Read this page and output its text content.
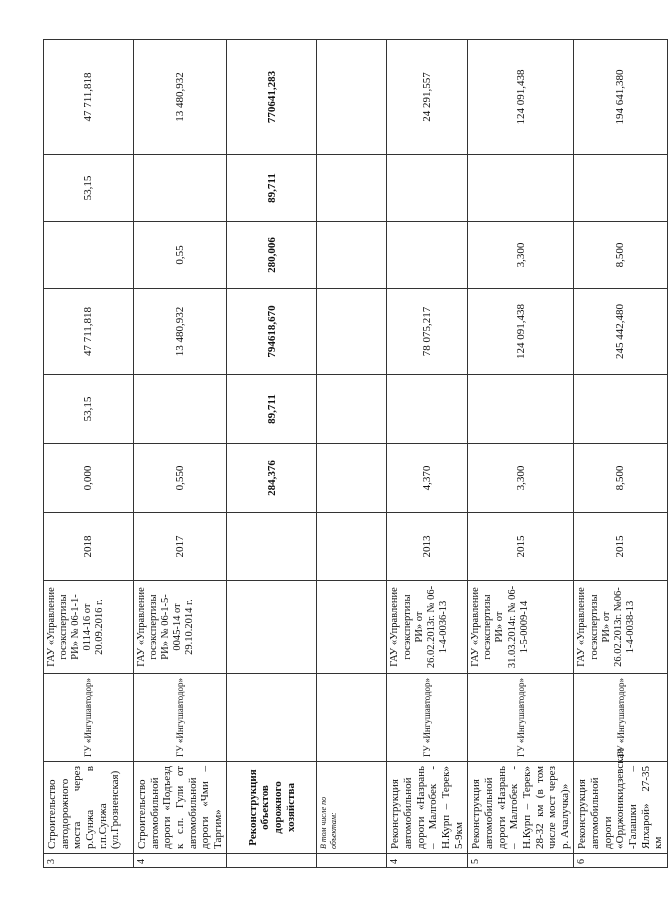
3	Строительство автодорожного моста через р.Сунжа в г.п.Сунжа (ул.Грозненская)	ГУ «Ингушавтодор»	ГАУ «Управление госэкспертизы РИ» № 06-1-1-0114-16 от 20.09.2016 г.	2018	0,000	53,15	47 711,818		53,15	47 711,818
4	Строительство автомобильной дороги «Подъезд к с.п. Гули от автомобильной дороги «Чми – Таргим»	ГУ «Ингушавтодор»	ГАУ «Управление госэкспертизы РИ» № 06-1-5-0045-14 от 29.10.2014 г.	2017	0,550		13 480,932	0,55		13 480,932
	Реконструкция объектов дорожного хозяйства				284,376	89,711	794618,670	280,006	89,711	770641,283
	В том числе по объектам:									
4	Реконструкция автомобильной дороги «Назрань – Малгобек - Н.Курп – Терек» 5-9км	ГУ «Ингушавтодор»	ГАУ «Управление госэкспертизы РИ» от 26.02.2013г. № 06-1-4-0036-13	2013	4,370		78 075,217			24 291,557
5	Реконструкция автомобильной дороги «Назрань – Малгобек - Н.Курп – Терек» 28-32 км (в том числе мост через р. Ачалучка)»	ГУ «Ингушавтодор»	ГАУ «Управление госэкспертизы РИ» от 31.03.2014г. № 06-1-5-0009-14	2015	3,300		124 091,438	3,300		124 091,438
6	Реконструкция автомобильной дороги «Орджоникидзевская -Галашки – Ялхарой» 27-35 км	ГУ «Ингушавтодор»	ГАУ «Управление госэкспертизы РИ» от 26.02.2013г. №06-1-4-0038-13	2015	8,500		245 442,480	8,500		194 641,380
